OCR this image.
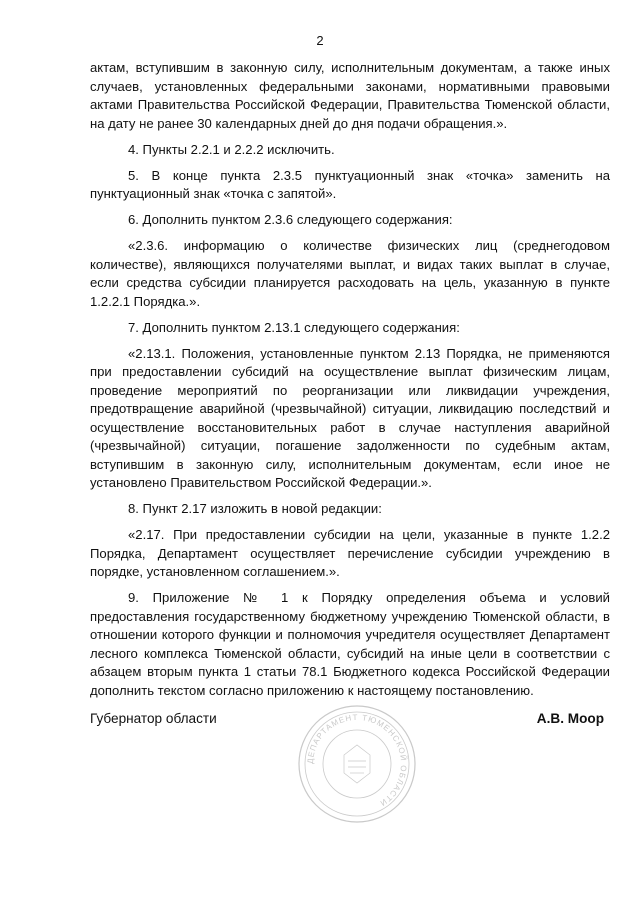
2

актам, вступившим в законную силу, исполнительным документам, а также иных случаев, установленных федеральными законами, нормативными правовыми актами Правительства Российской Федерации, Правительства Тюменской области, на дату не ранее 30 календарных дней до дня подачи обращения.».

4. Пункты 2.2.1 и 2.2.2 исключить.

5. В конце пункта 2.3.5 пунктуационный знак «точка» заменить на пунктуационный знак «точка с запятой».

6. Дополнить пунктом 2.3.6 следующего содержания:

«2.3.6. информацию о количестве физических лиц (среднегодовом количестве), являющихся получателями выплат, и видах таких выплат в случае, если средства субсидии планируется расходовать на цель, указанную в пункте 1.2.2.1 Порядка.».

7. Дополнить пунктом 2.13.1 следующего содержания:

«2.13.1. Положения, установленные пунктом 2.13 Порядка, не применяются при предоставлении субсидий на осуществление выплат физическим лицам, проведение мероприятий по реорганизации или ликвидации учреждения, предотвращение аварийной (чрезвычайной) ситуации, ликвидацию последствий и осуществление восстановительных работ в случае наступления аварийной (чрезвычайной) ситуации, погашение задолженности по судебным актам, вступившим в законную силу, исполнительным документам, если иное не установлено Правительством Российской Федерации.».

8. Пункт 2.17 изложить в новой редакции:

«2.17. При предоставлении субсидии на цели, указанные в пункте 1.2.2 Порядка, Департамент осуществляет перечисление субсидии учреждению в порядке, установленном соглашением.».

9. Приложение № 1 к Порядку определения объема и условий предоставления государственному бюджетному учреждению Тюменской области, в отношении которого функции и полномочия учредителя осуществляет Департамент лесного комплекса Тюменской области, субсидий на иные цели в соответствии с абзацем вторым пункта 1 статьи 78.1 Бюджетного кодекса Российской Федерации дополнить текстом согласно приложению к настоящему постановлению.

Губернатор области	А.В. Моор
ДЕПАРТАМЕНТ ТЮМЕНСКОЙ ОБЛАСТИ
